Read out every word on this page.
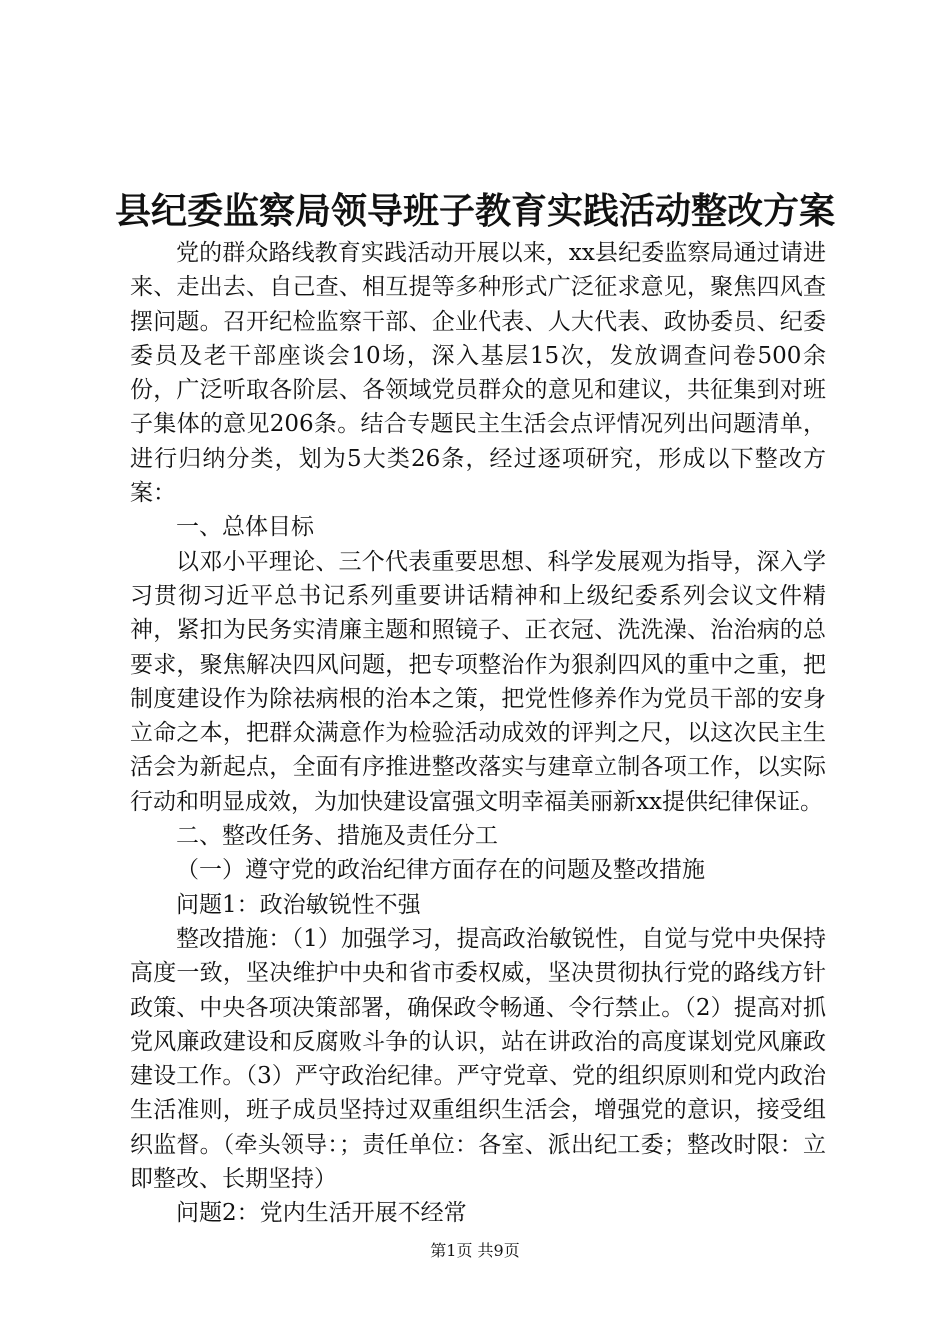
县纪委监察局领导班子教育实践活动整改方案

党的群众路线教育实践活动开展以来，xx县纪委监察局通过请进来、走出去、自己查、相互提等多种形式广泛征求意见，聚焦四风查摆问题。召开纪检监察干部、企业代表、人大代表、政协委员、纪委委员及老干部座谈会10场，深入基层15次，发放调查问卷500余份，广泛听取各阶层、各领域党员群众的意见和建议，共征集到对班子集体的意见206条。结合专题民主生活会点评情况列出问题清单，进行归纳分类，划为5大类26条，经过逐项研究，形成以下整改方案：

一、总体目标

以邓小平理论、三个代表重要思想、科学发展观为指导，深入学习贯彻习近平总书记系列重要讲话精神和上级纪委系列会议文件精神，紧扣为民务实清廉主题和照镜子、正衣冠、洗洗澡、治治病的总要求，聚焦解决四风问题，把专项整治作为狠刹四风的重中之重，把制度建设作为除祛病根的治本之策，把党性修养作为党员干部的安身立命之本，把群众满意作为检验活动成效的评判之尺，以这次民主生活会为新起点，全面有序推进整改落实与建章立制各项工作，以实际行动和明显成效，为加快建设富强文明幸福美丽新xx提供纪律保证。

二、整改任务、措施及责任分工

（一）遵守党的政治纪律方面存在的问题及整改措施

问题1：政治敏锐性不强

整改措施：（1）加强学习，提高政治敏锐性，自觉与党中央保持高度一致，坚决维护中央和省市委权威，坚决贯彻执行党的路线方针政策、中央各项决策部署，确保政令畅通、令行禁止。（2）提高对抓党风廉政建设和反腐败斗争的认识，站在讲政治的高度谋划党风廉政建设工作。（3）严守政治纪律。严守党章、党的组织原则和党内政治生活准则，班子成员坚持过双重组织生活会，增强党的意识，接受组织监督。（牵头领导：；责任单位：各室、派出纪工委；整改时限：立即整改、长期坚持）

问题2：党内生活开展不经常

第1页 共9页
